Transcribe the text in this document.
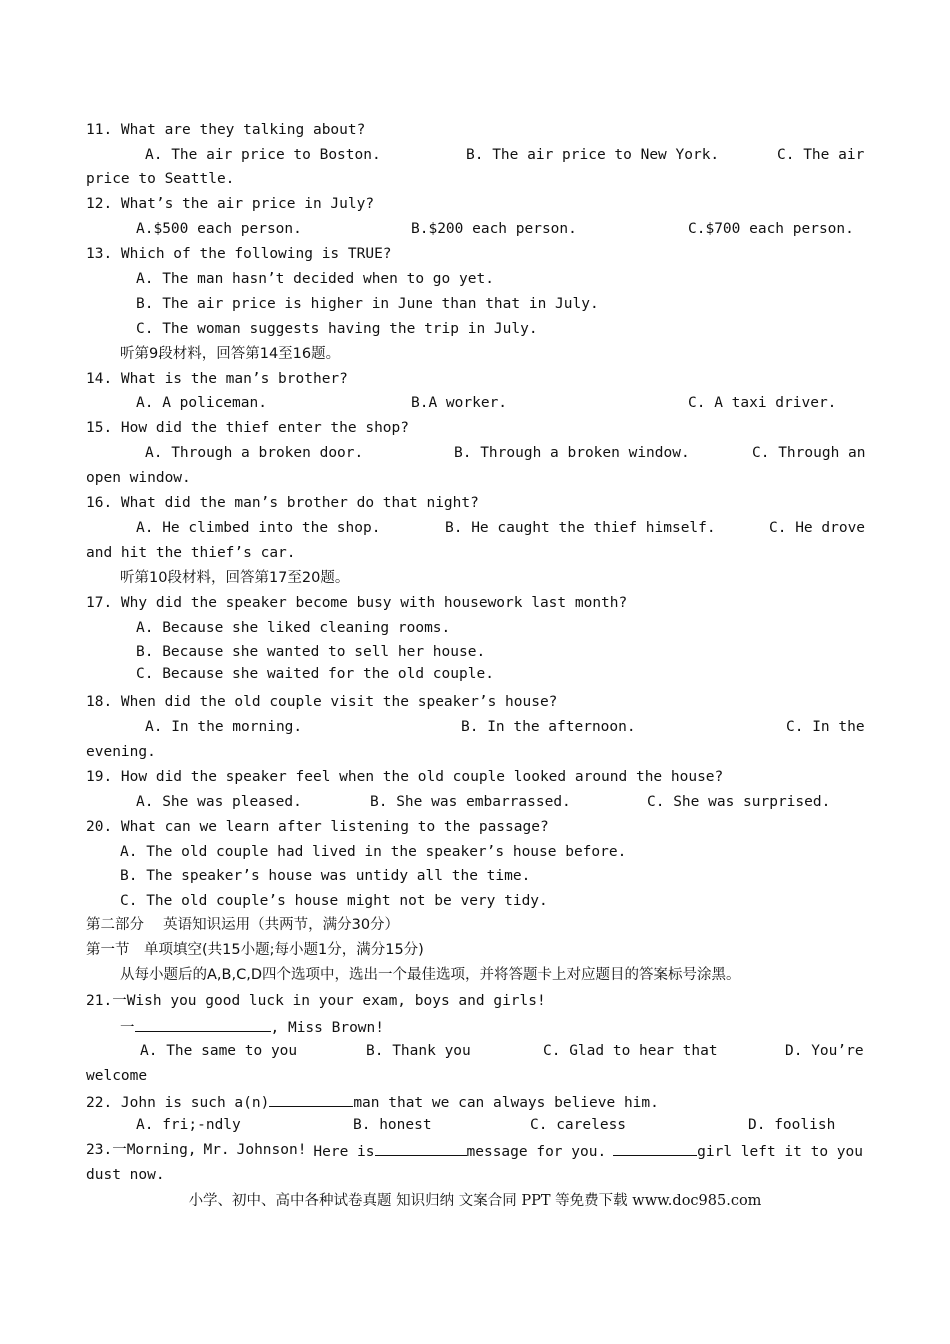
11. What are they talking about?
A. The air price to Boston.	B. The air price to New York.	C. The air
price to Seattle.
12. What’s the air price in July?
A.$500 each person.	B.$200 each person.	C.$700 each person.
13. Which of the following is TRUE?
A. The man hasn’t decided when to go yet.
B. The air price is higher in June than that in July.
C. The woman suggests having the trip in July.
听第9段材料，回答第14至16题。
14. What is the man’s brother?
A. A policeman.	B.A worker.	C. A taxi driver.
15. How did the thief enter the shop?
A. Through a broken door.	B. Through a broken window.	C. Through an
open window.
16. What did the man’s brother do that night?
A. He climbed into the shop.	B. He caught the thief himself.	C. He drove
and hit the thief’s car.
听第10段材料，回答第17至20题。
17. Why did the speaker become busy with housework last month?
A. Because she liked cleaning rooms.
B. Because she wanted to sell her house.
C. Because she waited for the old couple.
18. When did the old couple visit the speaker’s house?
A. In the morning.	B. In the afternoon.	C. In the
evening.
19. How did the speaker feel when the old couple looked around the house?
A. She was pleased.	B. She was embarrassed.	C. She was surprised.
20. What can we learn after listening to the passage?
A. The old couple had lived in the speaker’s house before.
B. The speaker’s house was untidy all the time.
C. The old couple’s house might not be very tidy.
第二部分　 英语知识运用（共两节，满分30分）
第一节　单项填空(共15小题;每小题1分，满分15分)
从每小题后的A,B,C,D四个选项中，选出一个最佳选项，并将答题卡上对应题目的答案标号涂黑。
21.一Wish you good luck in your exam, boys and girls!
一	, Miss Brown!
A. The same to you	B. Thank you	C. Glad to hear that	D. You’re
welcome
22. John is such a(n)	man that we can always believe him.
A. fri;-ndly	B. honest	C. careless	D. foolish
23.一Morning, Mr. Johnson! Here is	message for you.	girl left it to you
dust now.
小学、初中、高中各种试卷真题 知识归纳 文案合同 PPT 等免费下载 www.doc985.com
